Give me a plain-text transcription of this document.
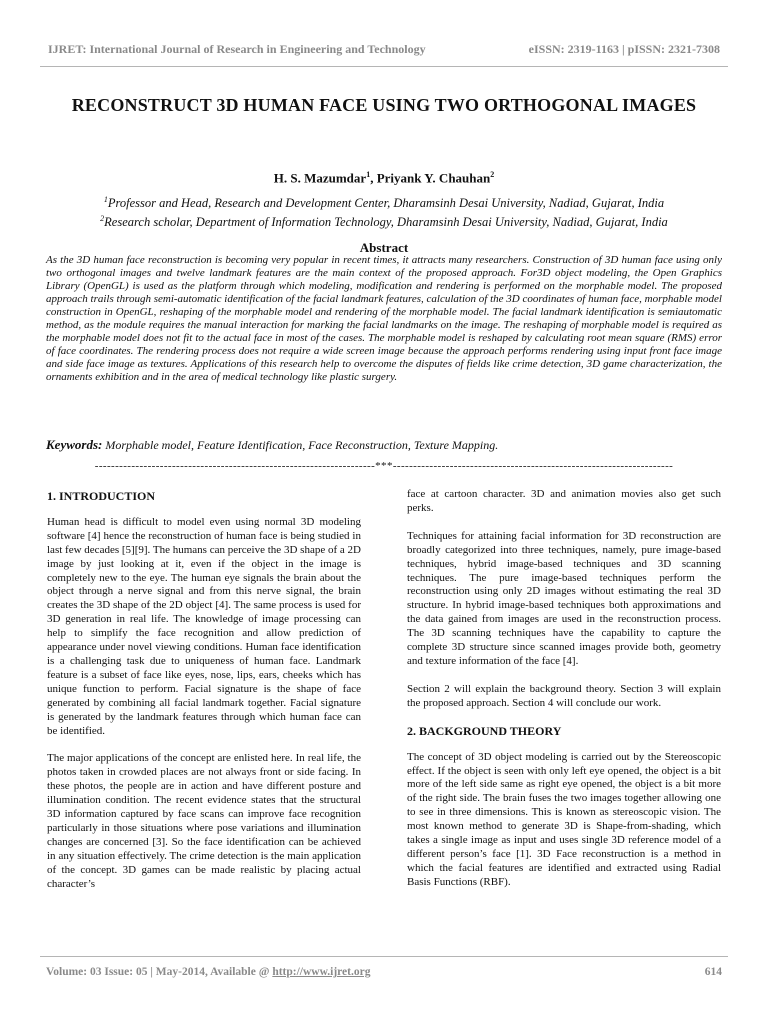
IJRET: International Journal of Research in Engineering and Technology	eISSN: 2319-1163 | pISSN: 2321-7308
RECONSTRUCT 3D HUMAN FACE USING TWO ORTHOGONAL IMAGES
H. S. Mazumdar$^1$, Priyank Y. Chauhan$^2$
$^1$Professor and Head, Research and Development Center, Dharamsinh Desai University, Nadiad, Gujarat, India
$^2$Research scholar, Department of Information Technology, Dharamsinh Desai University, Nadiad, Gujarat, India
Abstract
As the 3D human face reconstruction is becoming very popular in recent times, it attracts many researchers. Construction of 3D human face using only two orthogonal images and twelve landmark features are the main context of the proposed approach. For3D object modeling, the Open Graphics Library (OpenGL) is used as the platform through which modeling, modification and rendering is performed on the morphable model. The proposed approach trails through semi-automatic identification of the facial landmark features, calculation of the 3D coordinates of human face, morphable model construction in OpenGL, reshaping of the morphable model and rendering of the morphable model. The facial landmark identification is semiautomatic method, as the module requires the manual interaction for marking the facial landmarks on the image. The reshaping of morphable model is required as the morphable model does not fit to the actual face in most of the cases. The morphable model is reshaped by calculating root mean square (RMS) error of face coordinates. The rendering process does not require a wide screen image because the approach performs rendering using input front face image and side face image as textures. Applications of this research help to overcome the disputes of fields like crime detection, 3D game characterization, the ornaments exhibition and in the area of medical technology like plastic surgery.
Keywords: Morphable model, Feature Identification, Face Reconstruction, Texture Mapping.
---------------------------------------------------------------------***---------------------------------------------------------------------
1. INTRODUCTION

Human head is difficult to model even using normal 3D modeling software [4] hence the reconstruction of human face is being studied in last few decades [5][9]. The humans can perceive the 3D shape of a 2D image by just looking at it, even if the object in the image is completely new to the eye. The human eye signals the brain about the object through a nerve signal and from this nerve signal, the brain creates the 3D shape of the 2D object [4]. The same process is used for 3D generation in real life. The knowledge of image processing can help to simplify the face recognition and allow prediction of appearance under novel viewing conditions. Human face identification is a challenging task due to uniqueness of human face. Landmark feature is a subset of face like eyes, nose, lips, ears, cheeks which has unique function to perform. Facial signature is the shape of face generated by combining all facial landmark together. Facial signature is generated by the landmark features through which human face can be identified.

The major applications of the concept are enlisted here. In real life, the photos taken in crowded places are not always front or side facing. In these photos, the people are in action and have different posture and illumination condition. The recent evidence states that the structural 3D information captured by face scans can improve face recognition particularly in those situations where pose variations and illumination changes are concerned [3]. So the face identification can be achieved in any situation effectively. The crime detection is the main application of the concept. 3D games can be made realistic by placing actual character’s

face at cartoon character. 3D and animation movies also get such perks.

Techniques for attaining facial information for 3D reconstruction are broadly categorized into three techniques, namely, pure image-based techniques, hybrid image-based techniques and 3D scanning techniques. The pure image-based techniques perform the reconstruction using only 2D images without estimating the real 3D structure. In hybrid image-based techniques both approximations and the data gained from images are used in the reconstruction process. The 3D scanning techniques have the capability to capture the complete 3D structure since scanned images provide both, geometry and texture information of the face [4].

Section 2 will explain the background theory. Section 3 will explain the proposed approach. Section 4 will conclude our work.

2. BACKGROUND THEORY

The concept of 3D object modeling is carried out by the Stereoscopic effect. If the object is seen with only left eye opened, the object is a bit more of the left side same as right eye opened, the object is a bit more of the right side. The brain fuses the two images together allowing one to see in three dimensions. This is known as stereoscopic vision. The most known method to generate 3D is Shape-from-shading, which takes a single image as input and uses single 3D reference model of a different person’s face [1]. 3D Face reconstruction is a method in which the facial features are identified and extracted using Radial Basis Functions (RBF).

Volume: 03 Issue: 05 | May-2014, Available @ http://www.ijret.org	614
